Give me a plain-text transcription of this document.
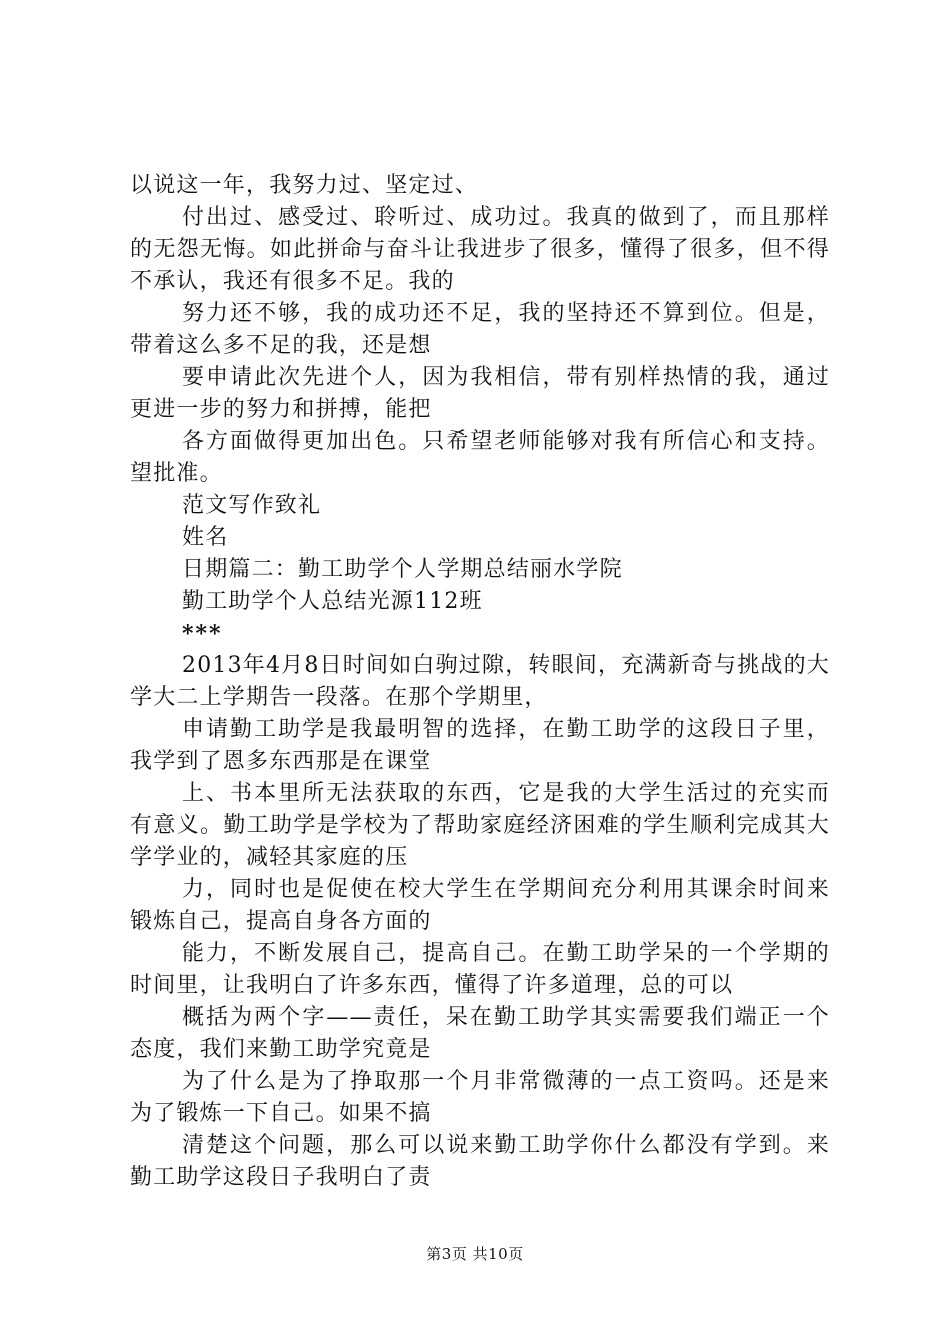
以说这一年，我努力过、坚定过、

付出过、感受过、聆听过、成功过。我真的做到了，而且那样的无怨无悔。如此拼命与奋斗让我进步了很多，懂得了很多，但不得不承认，我还有很多不足。我的

努力还不够，我的成功还不足，我的坚持还不算到位。但是，带着这么多不足的我，还是想

要申请此次先进个人，因为我相信，带有别样热情的我，通过更进一步的努力和拼搏，能把

各方面做得更加出色。只希望老师能够对我有所信心和支持。望批准。

范文写作致礼

姓名

日期篇二：勤工助学个人学期总结丽水学院

勤工助学个人总结光源112班

***

2013年4月8日时间如白驹过隙，转眼间，充满新奇与挑战的大学大二上学期告一段落。在那个学期里，

申请勤工助学是我最明智的选择，在勤工助学的这段日子里，我学到了恩多东西那是在课堂

上、书本里所无法获取的东西，它是我的大学生活过的充实而有意义。勤工助学是学校为了帮助家庭经济困难的学生顺利完成其大学学业的，减轻其家庭的压

力，同时也是促使在校大学生在学期间充分利用其课余时间来锻炼自己，提高自身各方面的

能力，不断发展自己，提高自己。在勤工助学呆的一个学期的时间里，让我明白了许多东西，懂得了许多道理，总的可以

概括为两个字——责任，呆在勤工助学其实需要我们端正一个态度，我们来勤工助学究竟是

为了什么是为了挣取那一个月非常微薄的一点工资吗。还是来为了锻炼一下自己。如果不搞

清楚这个问题，那么可以说来勤工助学你什么都没有学到。来勤工助学这段日子我明白了责

第3页 共10页
